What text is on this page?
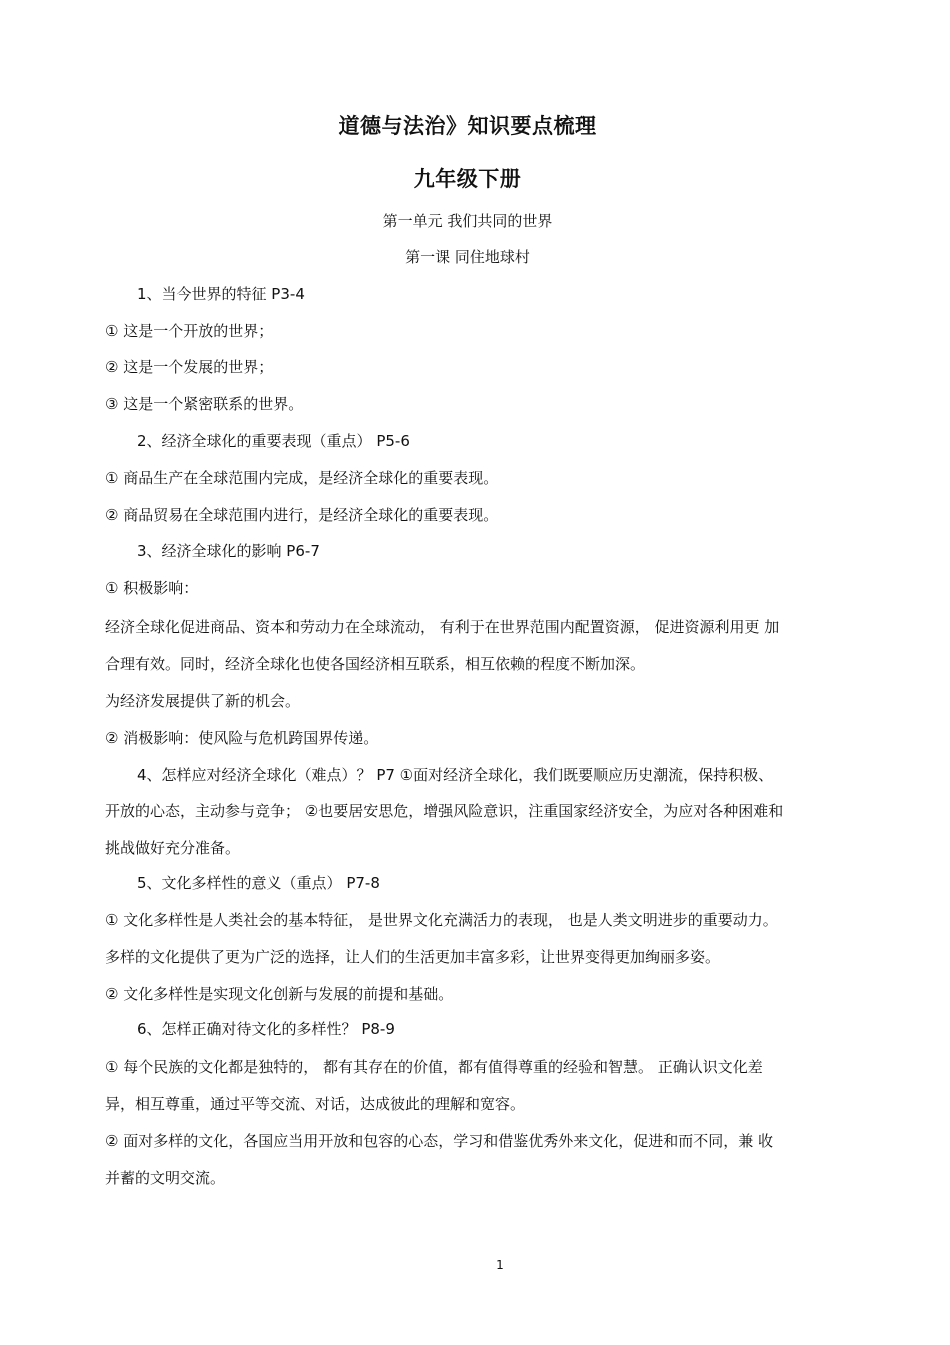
道德与法治》知识要点梳理
九年级下册
第一单元 我们共同的世界
第一课 同住地球村
1、当今世界的特征 P3-4
① 这是一个开放的世界；
② 这是一个发展的世界；
③ 这是一个紧密联系的世界。
2、经济全球化的重要表现（重点） P5-6
① 商品生产在全球范围内完成，是经济全球化的重要表现。
② 商品贸易在全球范围内进行，是经济全球化的重要表现。
3、经济全球化的影响 P6-7
① 积极影响：
经济全球化促进商品、资本和劳动力在全球流动， 有利于在世界范围内配置资源， 促进资源利用更 加
合理有效。同时，经济全球化也使各国经济相互联系，相互依赖的程度不断加深。
为经济发展提供了新的机会。
② 消极影响：使风险与危机跨国界传递。
4、怎样应对经济全球化（难点）？ P7 ①面对经济全球化，我们既要顺应历史潮流，保持积极、
开放的心态，主动参与竞争； ②也要居安思危，增强风险意识，注重国家经济安全，为应对各种困难和
挑战做好充分准备。
5、文化多样性的意义（重点） P7-8
① 文化多样性是人类社会的基本特征， 是世界文化充满活力的表现， 也是人类文明进步的重要动力。
多样的文化提供了更为广泛的选择，让人们的生活更加丰富多彩，让世界变得更加绚丽多姿。
② 文化多样性是实现文化创新与发展的前提和基础。
6、怎样正确对待文化的多样性？ P8-9
① 每个民族的文化都是独特的， 都有其存在的价值，都有值得尊重的经验和智慧。 正确认识文化差
异，相互尊重，通过平等交流、对话，达成彼此的理解和宽容。
② 面对多样的文化，各国应当用开放和包容的心态，学习和借鉴优秀外来文化，促进和而不同，兼 收
并蓄的文明交流。
1
